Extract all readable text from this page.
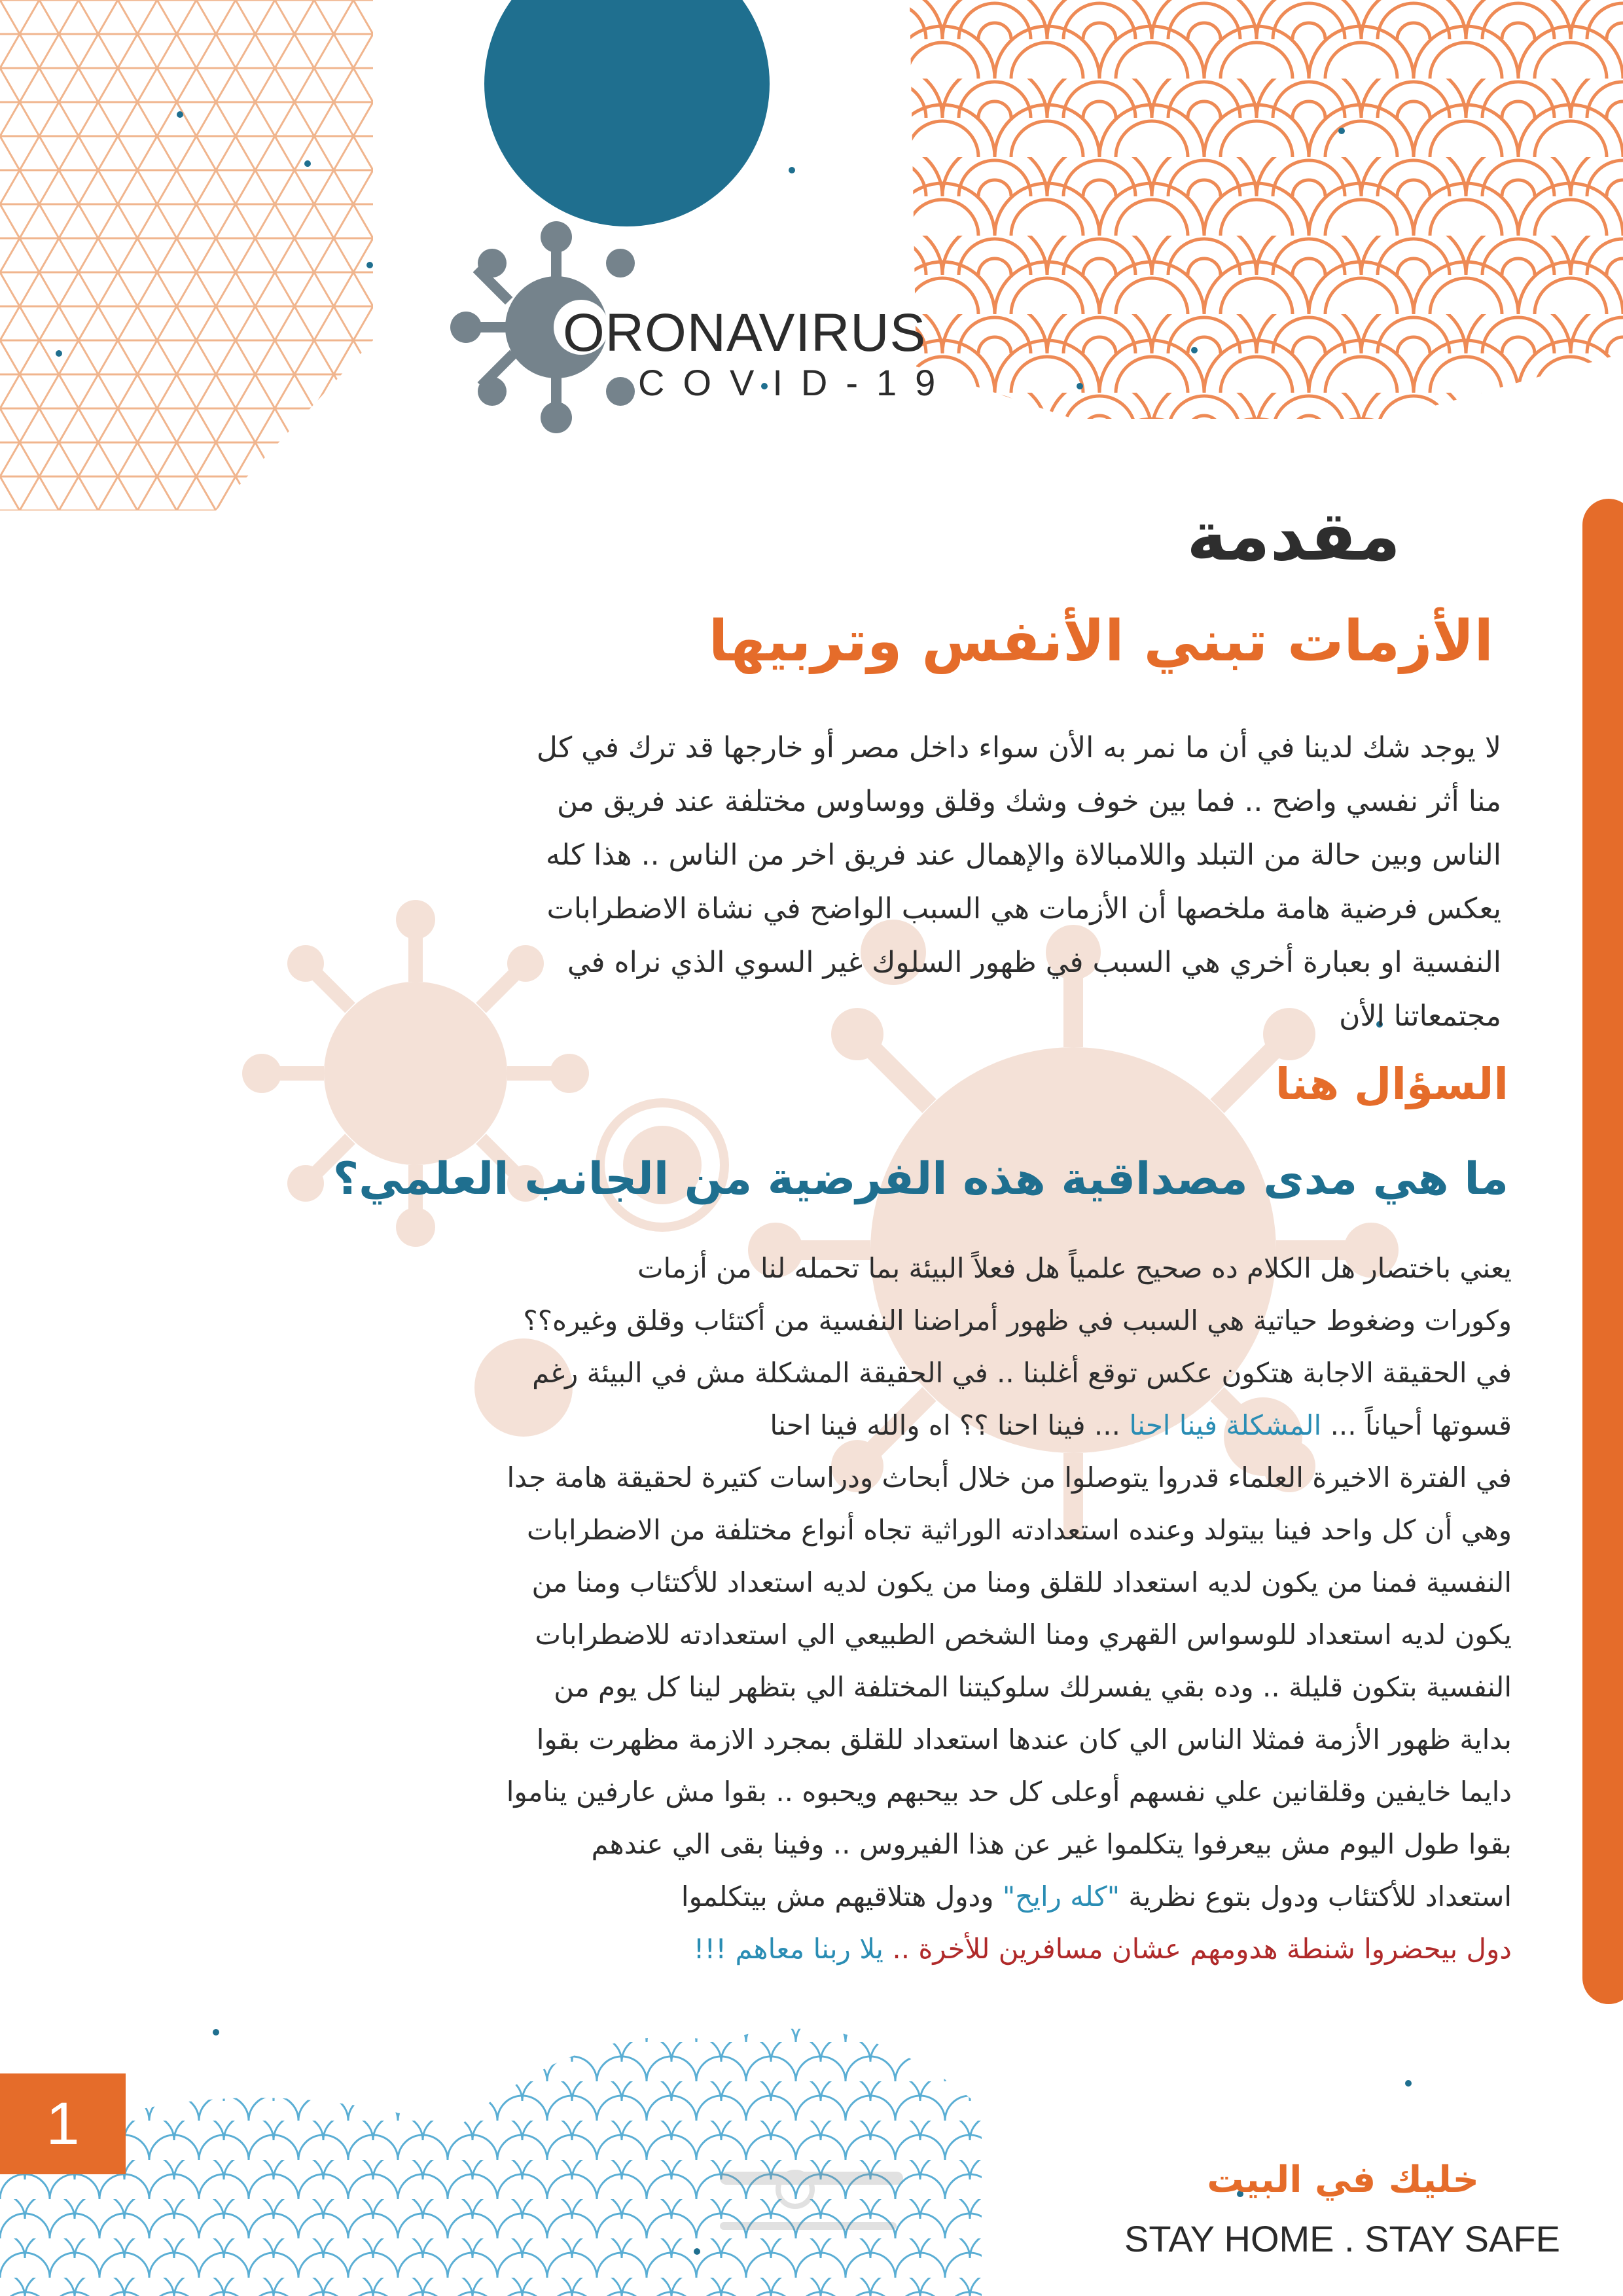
ORONAVIRUS
COVID-19
مقدمة
الأزمات تبني الأنفس وتربيها
لا يوجد شك لدينا في أن ما نمر به الأن سواء داخل مصر أو خارجها قد ترك في كل
منا أثر نفسي واضح .. فما بين خوف وشك وقلق ووساوس مختلفة عند فريق من
الناس وبين حالة من التبلد واللامبالاة والإهمال عند فريق اخر من الناس .. هذا كله
يعكس فرضية هامة ملخصها أن الأزمات هي السبب الواضح في نشاة الاضطرابات
النفسية او بعبارة أخري هي السبب في ظهور السلوك غير السوي الذي نراه في
مجتمعاتنا الأن
السؤال هنا
ما هي مدى مصداقية هذه الفرضية من الجانب العلمي؟
يعني باختصار هل الكلام ده صحيح علمياً هل فعلاً البيئة بما تحمله لنا من أزمات
وكورات وضغوط حياتية هي السبب في ظهور أمراضنا النفسية من أكتئاب وقلق وغيره؟؟
في الحقيقة الاجابة هتكون عكس توقع أغلبنا .. في الحقيقة المشكلة مش في البيئة رغم
قسوتها أحياناً ... المشكلة فينا احنا ... فينا احنا ؟؟ اه والله فينا احنا
في الفترة الاخيرة العلماء قدروا يتوصلوا من خلال أبحاث ودراسات كتيرة لحقيقة هامة جدا
وهي أن كل واحد فينا بيتولد وعنده استعدادته الوراثية تجاه أنواع مختلفة من الاضطرابات
النفسية فمنا من يكون لديه استعداد للقلق ومنا من يكون لديه استعداد للأكتئاب ومنا من
يكون لديه استعداد للوسواس القهري ومنا الشخص الطبيعي الي استعدادته للاضطرابات
النفسية بتكون قليلة .. وده بقي يفسرلك سلوكيتنا المختلفة الي بتظهر لينا كل يوم من
بداية ظهور الأزمة فمثلا الناس الي كان عندها استعداد للقلق بمجرد الازمة مظهرت بقوا
دايما خايفين وقلقانين علي نفسهم أوعلى كل حد بيحبهم ويحبوه .. بقوا مش عارفين يناموا
بقوا طول اليوم مش بيعرفوا يتكلموا غير عن هذا الفيروس .. وفينا بقى الي عندهم
استعداد للأكتئاب ودول بتوع نظرية "كله رايح" ودول هتلاقيهم مش بيتكلموا
دول بيحضروا شنطة هدومهم عشان مسافرين للأخرة .. يلا ربنا معاهم !!!
1
خليك في البيت
STAY HOME . STAY SAFE
